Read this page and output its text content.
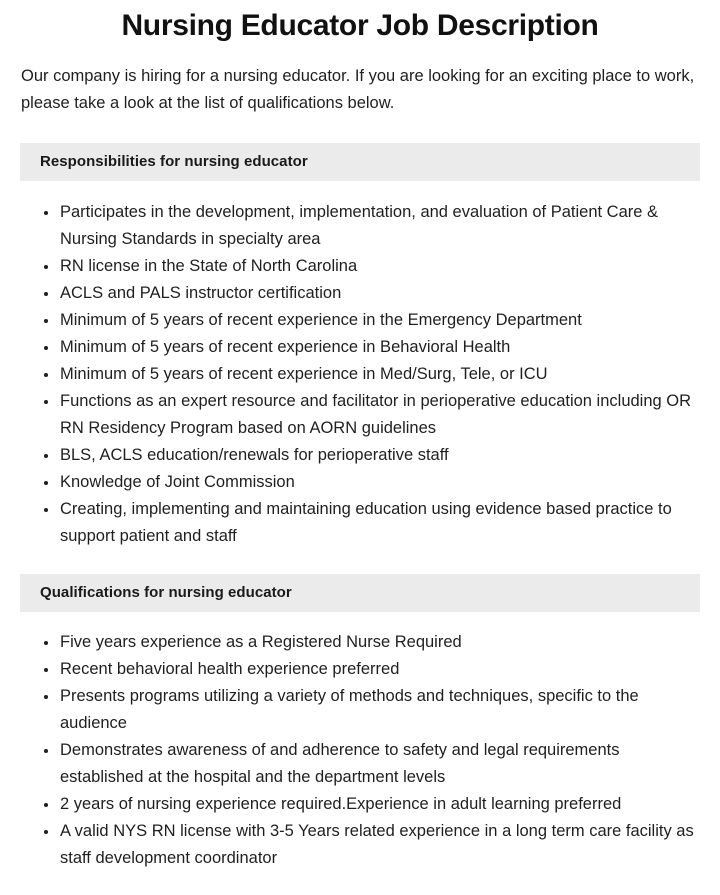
Nursing Educator Job Description

Our company is hiring for a nursing educator. If you are looking for an exciting place to work, please take a look at the list of qualifications below.

Responsibilities for nursing educator
Participates in the development, implementation, and evaluation of Patient Care & Nursing Standards in specialty area
RN license in the State of North Carolina
ACLS and PALS instructor certification
Minimum of 5 years of recent experience in the Emergency Department
Minimum of 5 years of recent experience in Behavioral Health
Minimum of 5 years of recent experience in Med/Surg, Tele, or ICU
Functions as an expert resource and facilitator in perioperative education including OR RN Residency Program based on AORN guidelines
BLS, ACLS education/renewals for perioperative staff
Knowledge of Joint Commission
Creating, implementing and maintaining education using evidence based practice to support patient and staff
Qualifications for nursing educator
Five years experience as a Registered Nurse Required
Recent behavioral health experience preferred
Presents programs utilizing a variety of methods and techniques, specific to the audience
Demonstrates awareness of and adherence to safety and legal requirements established at the hospital and the department levels
2 years of nursing experience required.Experience in adult learning preferred
A valid NYS RN license with 3-5 Years related experience in a long term care facility as staff development coordinator
